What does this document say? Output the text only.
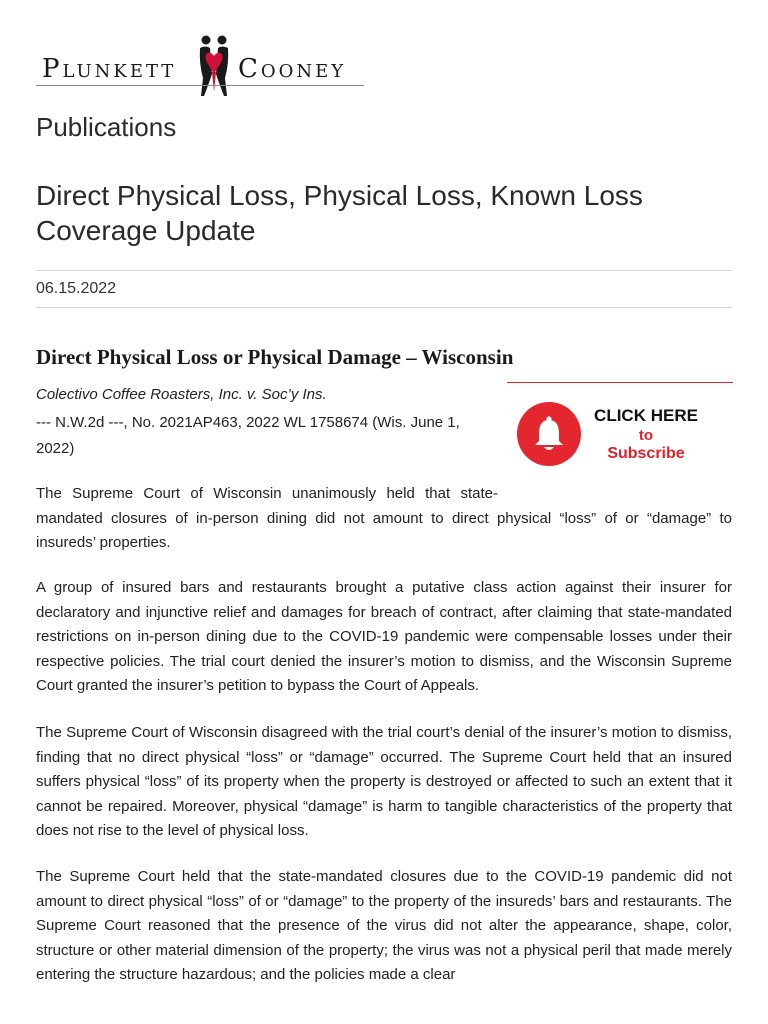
Plunkett Cooney
Publications
Direct Physical Loss, Physical Loss, Known Loss Coverage Update
06.15.2022
Direct Physical Loss or Physical Damage – Wisconsin
Colectivo Coffee Roasters, Inc. v. Soc’y Ins.
--- N.W.2d ---, No. 2021AP463, 2022 WL 1758674 (Wis. June 1, 2022)
CLICK HERE
to
Subscribe
The Supreme Court of Wisconsin unanimously held that state-
mandated closures of in-person dining did not amount to direct physical “loss” of or “damage” to insureds’ properties.
A group of insured bars and restaurants brought a putative class action against their insurer for declaratory and injunctive relief and damages for breach of contract, after claiming that state-mandated restrictions on in-person dining due to the COVID-19 pandemic were compensable losses under their respective policies. The trial court denied the insurer’s motion to dismiss, and the Wisconsin Supreme Court granted the insurer’s petition to bypass the Court of Appeals.
The Supreme Court of Wisconsin disagreed with the trial court’s denial of the insurer’s motion to dismiss, finding that no direct physical “loss” or “damage” occurred. The Supreme Court held that an insured suffers physical “loss” of its property when the property is destroyed or affected to such an extent that it cannot be repaired. Moreover, physical “damage” is harm to tangible characteristics of the property that does not rise to the level of physical loss.
The Supreme Court held that the state-mandated closures due to the COVID-19 pandemic did not amount to direct physical “loss” of or “damage” to the property of the insureds’ bars and restaurants. The Supreme Court reasoned that the presence of the virus did not alter the appearance, shape, color, structure or other material dimension of the property; the virus was not a physical peril that made merely entering the structure hazardous; and the policies made a clear
